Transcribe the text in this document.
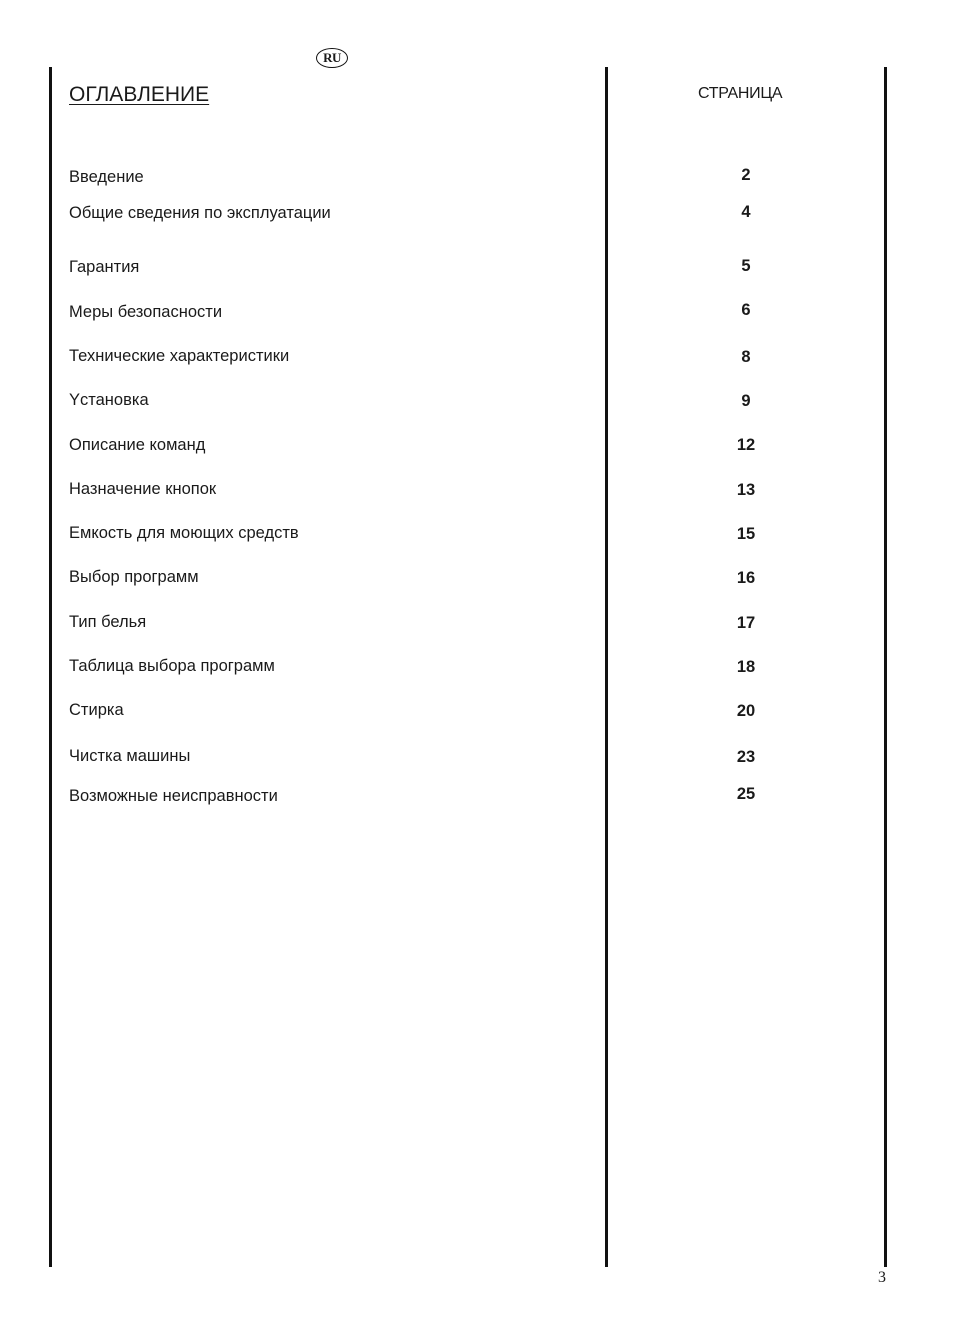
RU
ОГЛАВЛЕНИЕ	СТРАНИЦА
Введение	2
Общие сведения по эксплуатации	4
Гарантия	5
Меры безопасности	6
Технические характеристики	8
Yстановка	9
Описание команд	12
Назначение кнопок	13
Емкость для моющих средств	15
Выбор программ	16
Тип белья	17
Таблица выбора программ	18
Стирка	20
Чистка машины	23
Возможные неисправности	25
3
